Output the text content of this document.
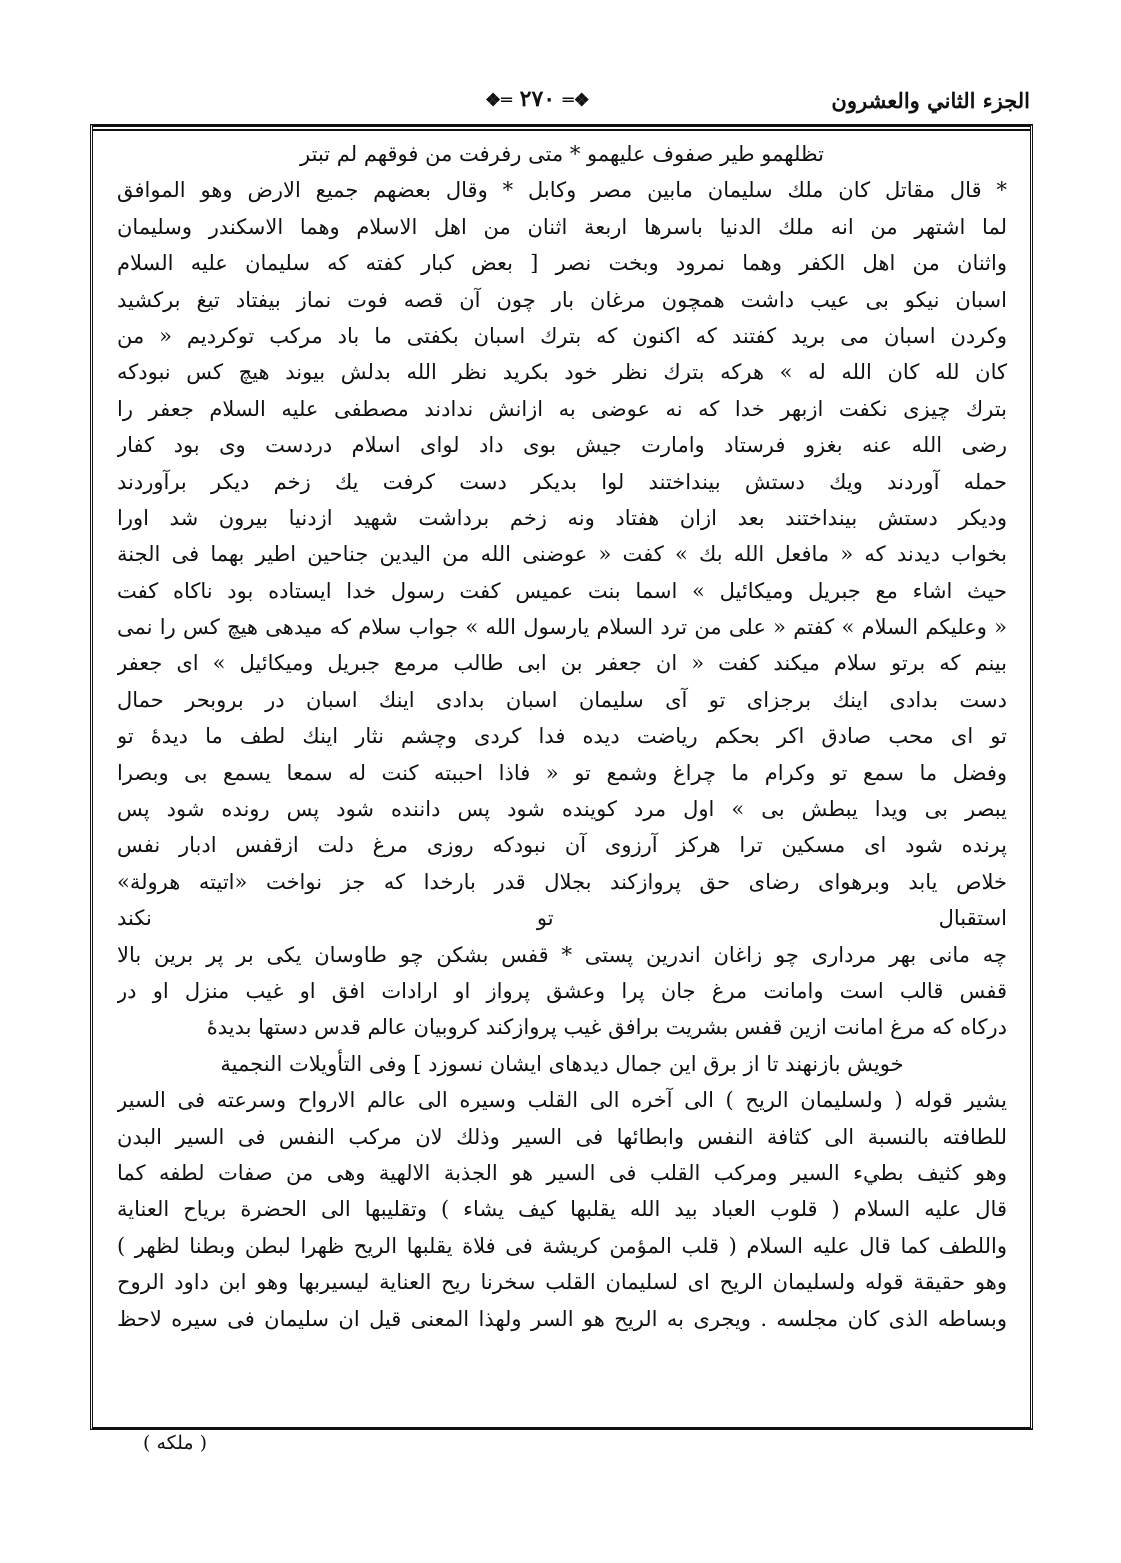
الجزء الثاني والعشرون
❖═ ٢٧٠ ═❖
تظلهمو طير صفوف عليهمو * متى رفرفت من فوقهم لم تبتر
* قال مقاتل كان ملك سليمان مابين مصر وكابل * وقال بعضهم جميع الارض وهو الموافق
لما اشتهر من انه ملك الدنيا باسرها اربعة اثنان من اهل الاسلام وهما الاسكندر وسليمان
واثنان من اهل الكفر وهما نمرود وبخت نصر [ بعض كبار كفته كه سليمان عليه السلام
اسبان نيكو بى عيب داشت همچون مرغان بار چون آن قصه فوت نماز بيفتاد تيغ بركشيد
وكردن اسبان مى بريد كفتند كه اكنون كه بترك اسبان بكفتى ما باد مركب توكرديم « من
كان لله كان الله له » هركه بترك نظر خود بكريد نظر الله بدلش بيوند هيچ كس نبودكه
بترك چيزى نكفت ازبهر خدا كه نه عوضى به ازانش ندادند مصطفى عليه السلام جعفر را
رضى الله عنه بغزو فرستاد وامارت جيش بوى داد لواى اسلام دردست وى بود كفار
حمله آوردند ويك دستش بينداختند لوا بديكر دست كرفت يك زخم ديكر برآوردند
وديكر دستش بينداختند بعد ازان هفتاد ونه زخم برداشت شهيد ازدنيا بيرون شد اورا
بخواب ديدند كه « مافعل الله بك » كفت « عوضنى الله من اليدين جناحين اطير بهما فى الجنة
حيث اشاء مع جبريل وميكائيل » اسما بنت عميس كفت رسول خدا ايستاده بود ناكاه كفت
« وعليكم السلام » كفتم « على من ترد السلام يارسول الله » جواب سلام كه ميدهى هيچ كس را نمى
بينم كه برتو سلام ميكند كفت « ان جعفر بن ابى طالب مرمع جبريل وميكائيل » اى جعفر
دست بدادى اينك برجزاى تو آى سليمان اسبان بدادى اينك اسبان در بروبحر حمال
تو اى محب صادق اكر بحكم رياضت ديده فدا كردى وچشم نثار اينك لطف ما ديدهٔ تو
وفضل ما سمع تو وكرام ما چراغ وشمع تو « فاذا احببته كنت له سمعا يسمع بى وبصرا
يبصر بى ويدا يبطش بى » اول مرد كوينده شود پس داننده شود پس رونده شود پس
پرنده شود اى مسكين ترا هركز آرزوى آن نبودكه روزى مرغ دلت ازقفس ادبار نفس
خلاص يابد وبرهواى رضاى حق پروازكند بجلال قدر بارخدا كه جز نواخت «اتيته هرولة»
استقبال تو نكند
چه مانى بهر مردارى چو زاغان اندرين پستى * قفس بشكن چو طاوسان يكى بر پر برين بالا
قفس قالب است وامانت مرغ جان پرا وعشق پرواز او ارادات افق او غيب منزل او در
دركاه كه مرغ امانت ازين قفس بشريت برافق غيب پروازكند كروبيان عالم قدس دستها بديدهٔ
خويش بازنهند تا از برق اين جمال ديدهاى ايشان نسوزد ] وفى التأويلات النجمية
يشير قوله ( ولسليمان الريح ) الى آخره الى القلب وسيره الى عالم الارواح وسرعته فى السير
للطافته بالنسبة الى كثافة النفس وابطائها فى السير وذلك لان مركب النفس فى السير البدن
وهو كثيف بطيء السير ومركب القلب فى السير هو الجذبة الالهية وهى من صفات لطفه كما
قال عليه السلام ( قلوب العباد بيد الله يقلبها كيف يشاء ) وتقليبها الى الحضرة برياح العناية
واللطف كما قال عليه السلام ( قلب المؤمن كريشة فى فلاة يقلبها الريح ظهرا لبطن وبطنا لظهر )
وهو حقيقة قوله ولسليمان الريح اى لسليمان القلب سخرنا ريح العناية ليسيربها وهو ابن داود الروح
وبساطه الذى كان مجلسه . ويجرى به الريح هو السر ولهذا المعنى قيل ان سليمان فى سيره لاحظ
( ملكه )
